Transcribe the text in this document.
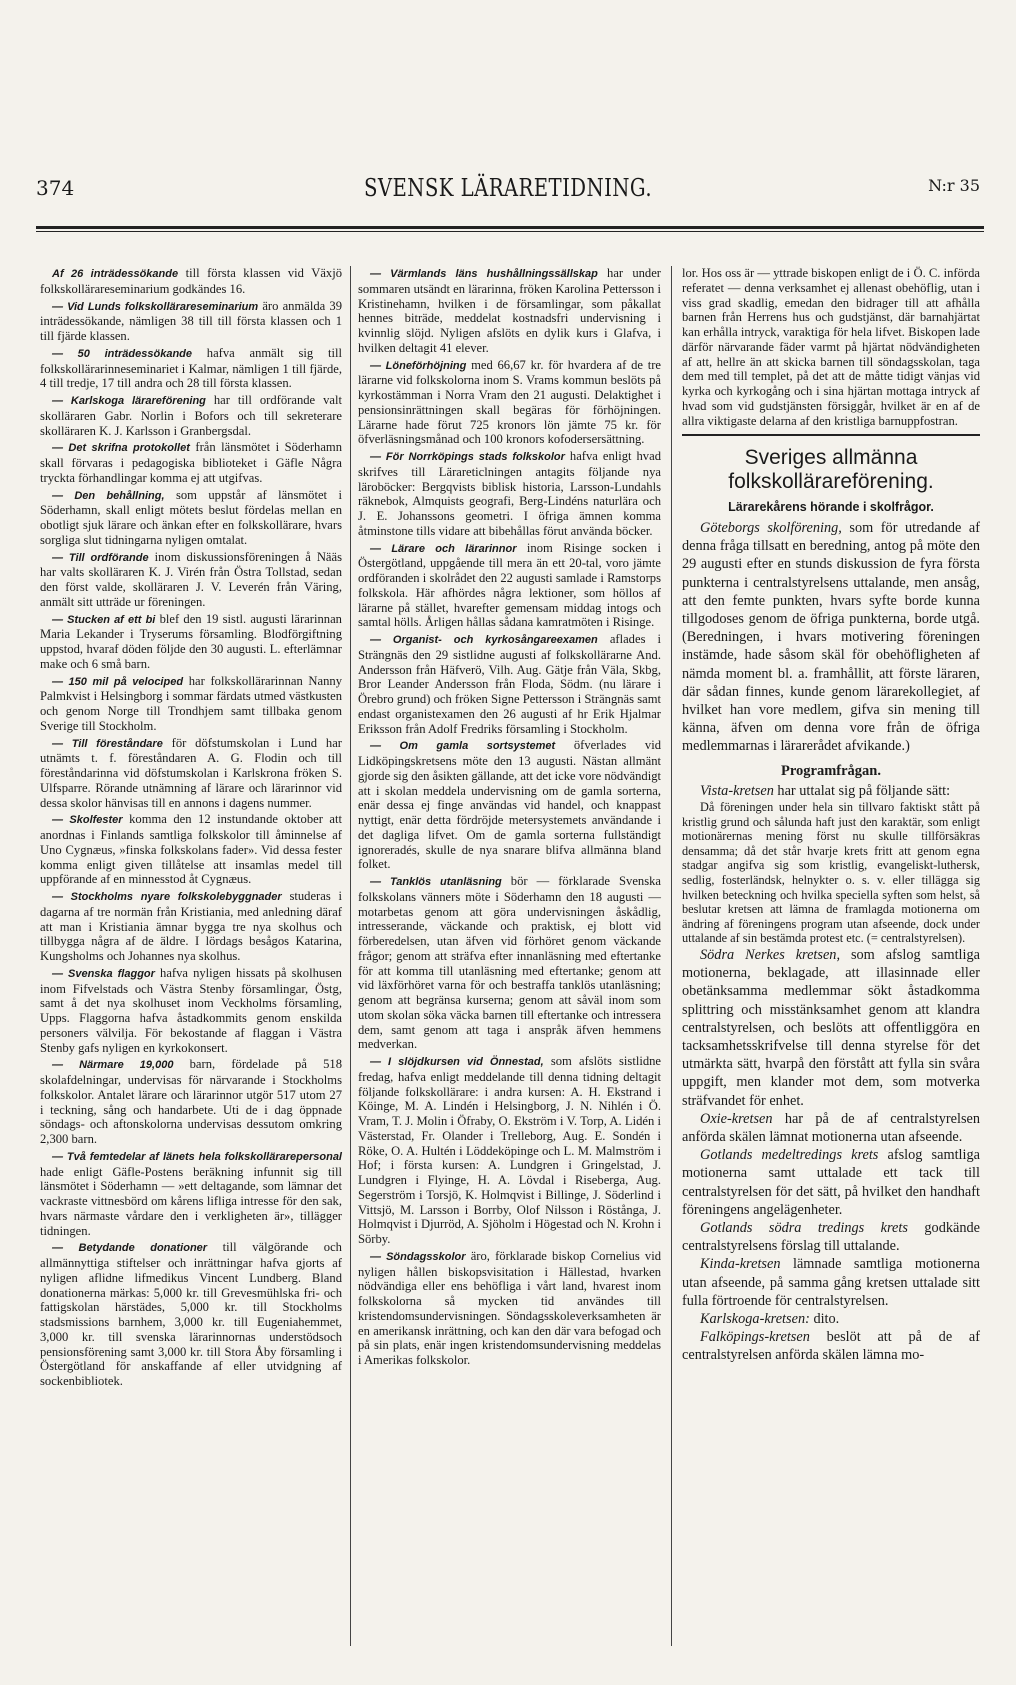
374	SVENSK LÄRARETIDNING.	N:r 35

Af 26 inträdessökande till första klassen vid Växjö folkskollärareseminarium godkändes 16.

— Vid Lunds folkskollärareseminarium äro anmälda 39 inträdessökande, nämligen 38 till till första klassen och 1 till fjärde klassen.

— 50 inträdessökande hafva anmält sig till folkskollärarinneseminariet i Kalmar, nämligen 1 till fjärde, 4 till tredje, 17 till andra och 28 till första klassen.

— Karlskoga lärareförening har till ordförande valt skolläraren Gabr. Norlin i Bofors och till sekreterare skolläraren K. J. Karlsson i Granbergsdal.

— Det skrifna protokollet från länsmötet i Söderhamn skall förvaras i pedagogiska biblioteket i Gäfle Några tryckta förhandlingar komma ej att utgifvas.

— Den behållning, som uppstår af länsmötet i Söderhamn, skall enligt mötets beslut fördelas mellan en obotligt sjuk lärare och änkan efter en folkskollärare, hvars sorgliga slut tidningarna nyligen omtalat.

— Till ordförande inom diskussionsföreningen å Nääs har valts skolläraren K. J. Virén från Östra Tollstad, sedan den först valde, skolläraren J. V. Leverén från Väring, anmält sitt utträde ur föreningen.

— Stucken af ett bi blef den 19 sistl. augusti lärarinnan Maria Lekander i Tryserums församling. Blodförgiftning uppstod, hvaraf döden följde den 30 augusti. L. efterlämnar make och 6 små barn.

— 150 mil på velociped har folkskollärarinnan Nanny Palmkvist i Helsingborg i sommar färdats utmed västkusten och genom Norge till Trondhjem samt tillbaka genom Sverige till Stockholm.

— Till föreståndare för döfstumskolan i Lund har utnämts t. f. föreståndaren A. G. Flodin och till föreståndarinna vid döfstumskolan i Karlskrona fröken S. Ulfsparre. Rörande utnämning af lärare och lärarinnor vid dessa skolor hänvisas till en annons i dagens nummer.

— Skolfester komma den 12 instundande oktober att anordnas i Finlands samtliga folkskolor till åminnelse af Uno Cygnæus, »finska folkskolans fader». Vid dessa fester komma enligt given tillåtelse att insamlas medel till uppförande af en minnesstod åt Cygnæus.

— Stockholms nyare folkskolebyggnader studeras i dagarna af tre normän från Kristiania, med anledning däraf att man i Kristiania ämnar bygga tre nya skolhus och tillbygga några af de äldre. I lördags besågos Katarina, Kungsholms och Johannes nya skolhus.

— Svenska flaggor hafva nyligen hissats på skolhusen inom Fifvelstads och Västra Stenby församlingar, Östg, samt å det nya skolhuset inom Veckholms församling, Upps. Flaggorna hafva åstadkommits genom enskilda personers välvilja. För bekostande af flaggan i Västra Stenby gafs nyligen en kyrkokonsert.

— Närmare 19,000 barn, fördelade på 518 skolafdelningar, undervisas för närvarande i Stockholms folkskolor. Antalet lärare och lärarinnor utgör 517 utom 27 i teckning, sång och handarbete. Uti de i dag öppnade söndags- och aftonskolorna undervisas dessutom omkring 2,300 barn.

— Två femtedelar af länets hela folkskollärarepersonal hade enligt Gäfle-Postens beräkning infunnit sig till länsmötet i Söderhamn — »ett deltagande, som lämnar det vackraste vittnesbörd om kårens lifliga intresse för den sak, hvars närmaste vårdare den i verkligheten är», tillägger tidningen.

— Betydande donationer till välgörande och allmännyttiga stiftelser och inrättningar hafva gjorts af nyligen aflidne lifmedikus Vincent Lundberg. Bland donationerna märkas: 5,000 kr. till Grevesmühlska fri- och fattigskolan härstädes, 5,000 kr. till Stockholms stadsmissions barnhem, 3,000 kr. till Eugeniahemmet, 3,000 kr. till svenska lärarinnornas understödsoch pensionsförening samt 3,000 kr. till Stora Åby församling i Östergötland för anskaffande af eller utvidgning af sockenbibliotek.

— Värmlands läns hushållningssällskap har under sommaren utsändt en lärarinna, fröken Karolina Pettersson i Kristinehamn, hvilken i de församlingar, som påkallat hennes biträde, meddelat kostnadsfri undervisning i kvinnlig slöjd. Nyligen afslöts en dylik kurs i Glafva, i hvilken deltagit 41 elever.

— Löneförhöjning med 66,67 kr. för hvardera af de tre lärarne vid folkskolorna inom S. Vrams kommun beslöts på kyrkostämman i Norra Vram den 21 augusti. Delaktighet i pensionsinrättningen skall begäras för förhöjningen. Lärarne hade förut 725 kronors lön jämte 75 kr. för öfverläsningsmånad och 100 kronors kofodersersättning.

— För Norrköpings stads folkskolor hafva enligt hvad skrifves till Lärareticlningen antagits följande nya läroböcker: Bergqvists biblisk historia, Larsson-Lundahls räknebok, Almquists geografi, Berg-Lindéns naturlära och J. E. Johanssons geometri. I öfriga ämnen komma åtminstone tills vidare att bibehållas förut använda böcker.

— Lärare och lärarinnor inom Risinge socken i Östergötland, uppgående till mera än ett 20-tal, voro jämte ordföranden i skolrådet den 22 augusti samlade i Ramstorps folkskola. Här afhördes några lektioner, som höllos af lärarne på stället, hvarefter gemensam middag intogs och samtal hölls. Årligen hållas sådana kamratmöten i Risinge.

— Organist- och kyrkosångareexamen aflades i Strängnäs den 29 sistlidne augusti af folkskollärarne And. Andersson från Häfverö, Vilh. Aug. Gätje från Väla, Skbg, Bror Leander Andersson från Floda, Södm. (nu lärare i Örebro grund) och fröken Signe Pettersson i Strängnäs samt endast organistexamen den 26 augusti af hr Erik Hjalmar Eriksson från Adolf Fredriks församling i Stockholm.

— Om gamla sortsystemet öfverlades vid Lidköpingskretsens möte den 13 augusti. Nästan allmänt gjorde sig den åsikten gällande, att det icke vore nödvändigt att i skolan meddela undervisning om de gamla sorterna, enär dessa ej finge användas vid handel, och knappast nyttigt, enär detta fördröjde metersystemets användande i det dagliga lifvet. Om de gamla sorterna fullständigt ignoreradés, skulle de nya snarare blifva allmänna bland folket.

— Tanklös utanläsning bör — förklarade Svenska folkskolans vänners möte i Söderhamn den 18 augusti — motarbetas genom att göra undervisningen åskådlig, intresserande, väckande och praktisk, ej blott vid förberedelsen, utan äfven vid förhöret genom väckande frågor; genom att sträfva efter innanläsning med eftertanke för att komma till utanläsning med eftertanke; genom att vid läxförhöret varna för och bestraffa tanklös utanläsning; genom att begränsa kurserna; genom att såväl inom som utom skolan söka väcka barnen till eftertanke och intressera dem, samt genom att taga i anspråk äfven hemmens medverkan.

— I slöjdkursen vid Önnestad, som afslöts sistlidne fredag, hafva enligt meddelande till denna tidning deltagit följande folkskollärare: i andra kursen: A. H. Ekstrand i Köinge, M. A. Lindén i Helsingborg, J. N. Nihlén i Ö. Vram, T. J. Molin i Öfraby, O. Ekström i V. Torp, A. Lidén i Västerstad, Fr. Olander i Trelleborg, Aug. E. Sondén i Röke, O. A. Hultén i Löddeköpinge och L. M. Malmström i Hof; i första kursen: A. Lundgren i Gringelstad, J. Lundgren i Flyinge, H. A. Lövdal i Riseberga, Aug. Segerström i Torsjö, K. Holmqvist i Billinge, J. Söderlind i Vittsjö, M. Larsson i Borrby, Olof Nilsson i Röstånga, J. Holmqvist i Djurröd, A. Sjöholm i Högestad och N. Krohn i Sörby.

— Söndagsskolor äro, förklarade biskop Cornelius vid nyligen hållen biskopsvisitation i Hällestad, hvarken nödvändiga eller ens behöfliga i vårt land, hvarest inom folkskolorna så mycken tid användes till kristendomsundervisningen. Söndagsskoleverksamheten är en amerikansk inrättning, och kan den där vara befogad och på sin plats, enär ingen kristendomsundervisning meddelas i Amerikas folkskolor.

lor. Hos oss är — yttrade biskopen enligt de i Ö. C. införda referatet — denna verksamhet ej allenast obehöflig, utan i viss grad skadlig, emedan den bidrager till att afhålla barnen från Herrens hus och gudstjänst, där barnahjärtat kan erhålla intryck, varaktiga för hela lifvet. Biskopen lade därför närvarande fäder varmt på hjärtat nödvändigheten af att, hellre än att skicka barnen till söndagsskolan, taga dem med till templet, på det att de måtte tidigt vänjas vid kyrka och kyrkogång och i sina hjärtan mottaga intryck af hvad som vid gudstjänsten försiggår, hvilket är en af de allra viktigaste delarna af den kristliga barnuppfostran.

Sveriges allmänna folkskollärareförening.
Lärarekårens hörande i skolfrågor.

Göteborgs skolförening, som för utredande af denna fråga tillsatt en beredning, antog på möte den 29 augusti efter en stunds diskussion de fyra första punkterna i centralstyrelsens uttalande, men ansåg, att den femte punkten, hvars syfte borde kunna tillgodoses genom de öfriga punkterna, borde utgå. (Beredningen, i hvars motivering föreningen instämde, hade såsom skäl för obehöfligheten af nämda moment bl. a. framhållit, att förste läraren, där sådan finnes, kunde genom lärarekollegiet, af hvilket han vore medlem, gifva sin mening till känna, äfven om denna vore från de öfriga medlemmarnas i lärarerådet afvikande.)

Programfrågan.

Vista-kretsen har uttalat sig på följande sätt:

Då föreningen under hela sin tillvaro faktiskt stått på kristlig grund och sålunda haft just den karaktär, som enligt motionärernas mening först nu skulle tillförsäkras densamma; då det står hvarje krets fritt att genom egna stadgar angifva sig som kristlig, evangeliskt-luthersk, sedlig, fosterländsk, helnykter o. s. v. eller tillägga sig hvilken beteckning och hvilka speciella syften som helst, så beslutar kretsen att lämna de framlagda motionerna om ändring af föreningens program utan afseende, dock under uttalande af sin bestämda protest etc. (= centralstyrelsen).

Södra Nerkes kretsen, som afslog samtliga motionerna, beklagade, att illasinnade eller obetänksamma medlemmar sökt åstadkomma splittring och misstänksamhet genom att klandra centralstyrelsen, och beslöts att offentliggöra en tacksamhetsskrifvelse till denna styrelse för det utmärkta sätt, hvarpå den förstått att fylla sin svåra uppgift, men klander mot dem, som motverka sträfvandet för enhet.

Oxie-kretsen har på de af centralstyrelsen anförda skälen lämnat motionerna utan afseende.

Gotlands medeltredings krets afslog samtliga motionerna samt uttalade ett tack till centralstyrelsen för det sätt, på hvilket den handhaft föreningens angelägenheter.

Gotlands södra tredings krets godkände centralstyrelsens förslag till uttalande.

Kinda-kretsen lämnade samtliga motionerna utan afseende, på samma gång kretsen uttalade sitt fulla förtroende för centralstyrelsen.

Karlskoga-kretsen: dito.

Falköpings-kretsen beslöt att på de af centralstyrelsen anförda skälen lämna mo-
